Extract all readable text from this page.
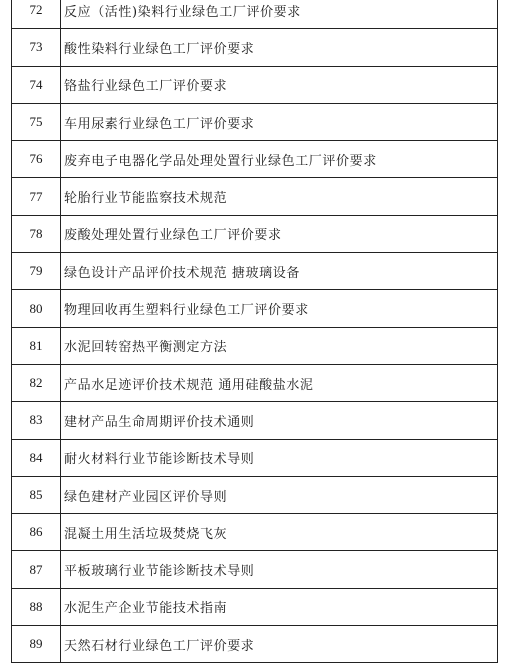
72	反应（活性)染料行业绿色工厂评价要求
73	酸性染料行业绿色工厂评价要求
74	铬盐行业绿色工厂评价要求
75	车用尿素行业绿色工厂评价要求
76	废弃电子电器化学品处理处置行业绿色工厂评价要求
77	轮胎行业节能监察技术规范
78	废酸处理处置行业绿色工厂评价要求
79	绿色设计产品评价技术规范 搪玻璃设备
80	物理回收再生塑料行业绿色工厂评价要求
81	水泥回转窑热平衡测定方法
82	产品水足迹评价技术规范 通用硅酸盐水泥
83	建材产品生命周期评价技术通则
84	耐火材料行业节能诊断技术导则
85	绿色建材产业园区评价导则
86	混凝土用生活垃圾焚烧飞灰
87	平板玻璃行业节能诊断技术导则
88	水泥生产企业节能技术指南
89	天然石材行业绿色工厂评价要求
